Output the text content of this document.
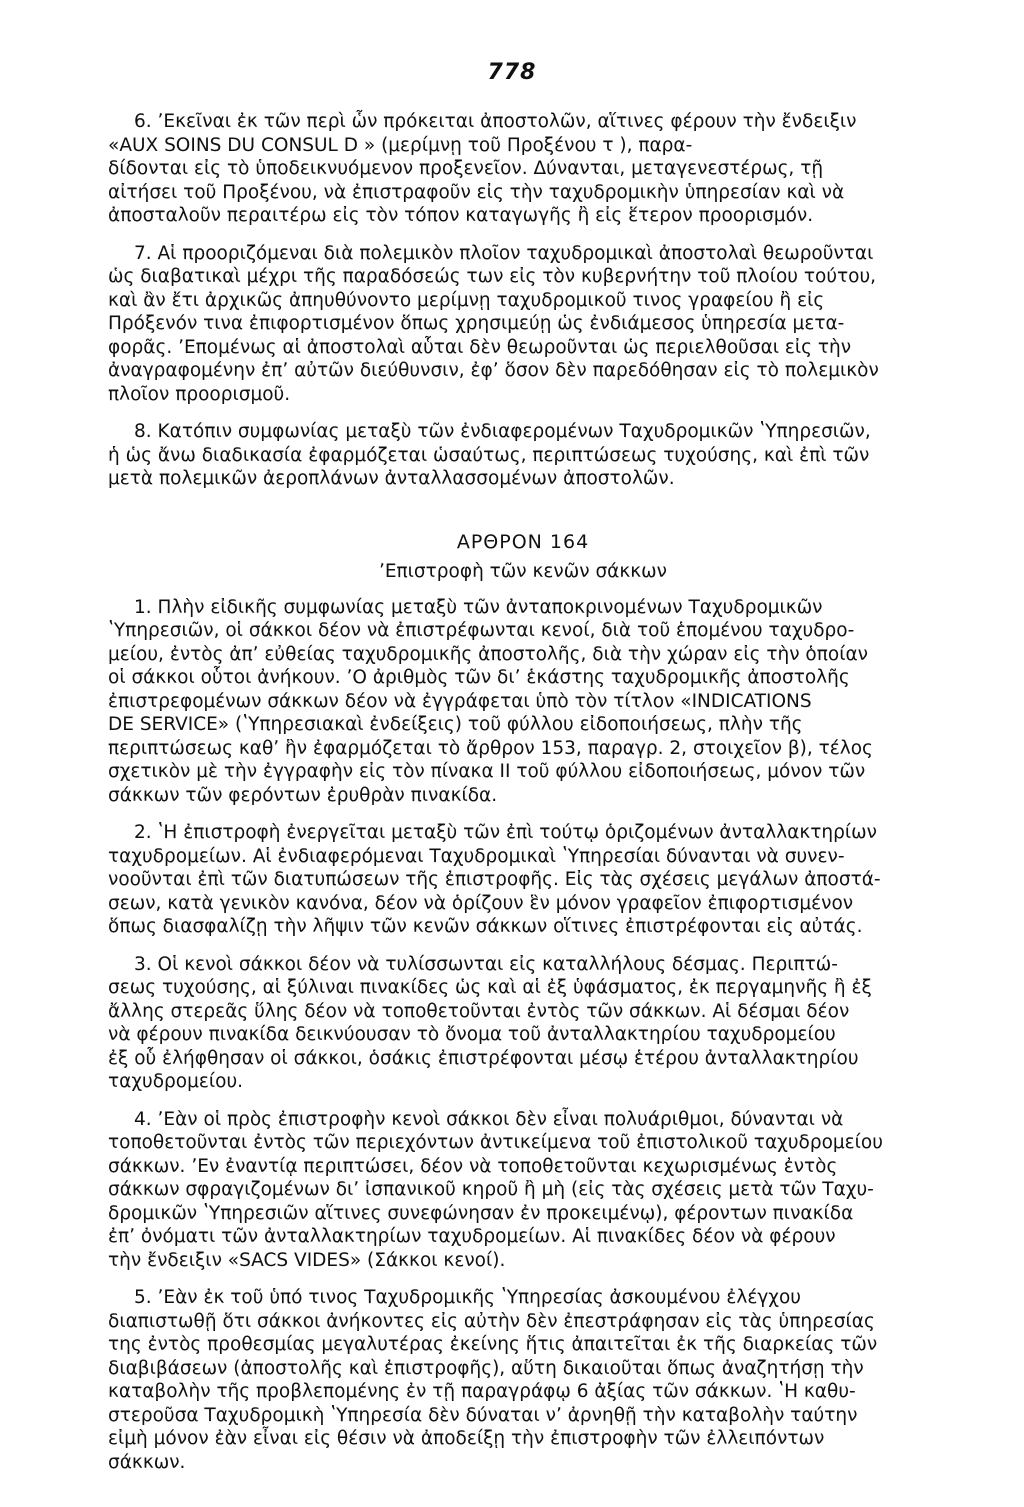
778
6. ʼΕκεῖναι ἐκ τῶν περὶ ὧν πρόκειται ἀποστολῶν, αἵτινες φέρουν τὴν ἔνδειξιν
«AUX SOINS DU CONSUL D » (μερίμνῃ τοῦ Προξένου τ ), παρα-
δίδονται εἰς τὸ ὑποδεικνυόμενον προξενεῖον. Δύνανται, μεταγενεστέρως, τῇ
αἰτήσει τοῦ Προξένου, νὰ ἐπιστραφοῦν εἰς τὴν ταχυδρομικὴν ὑπηρεσίαν καὶ νὰ
ἀποσταλοῦν περαιτέρω εἰς τὸν τόπον καταγωγῆς ἢ εἰς ἕτερον προορισμόν.
7. Αἱ προοριζόμεναι διὰ πολεμικὸν πλοῖον ταχυδρομικαὶ ἀποστολαὶ θεωροῦνται
ὡς διαβατικαὶ μέχρι τῆς παραδόσεώς των εἰς τὸν κυβερνήτην τοῦ πλοίου τούτου,
καὶ ἂν ἔτι ἀρχικῶς ἀπηυθύνοντο μερίμνῃ ταχυδρομικοῦ τινος γραφείου ἢ εἰς
Πρόξενόν τινα ἐπιφορτισμένον ὅπως χρησιμεύῃ ὡς ἐνδιάμεσος ὑπηρεσία μετα-
φορᾶς. ʼΕπομένως αἱ ἀποστολαὶ αὗται δὲν θεωροῦνται ὡς περιελθοῦσαι εἰς τὴν
ἀναγραφομένην ἐπʼ αὐτῶν διεύθυνσιν, ἐφʼ ὅσον δὲν παρεδόθησαν εἰς τὸ πολεμικὸν
πλοῖον προορισμοῦ.
8. Κατόπιν συμφωνίας μεταξὺ τῶν ἐνδιαφερομένων Ταχυδρομικῶν ʽΥπηρεσιῶν,
ἡ ὡς ἄνω διαδικασία ἐφαρμόζεται ὡσαύτως, περιπτώσεως τυχούσης, καὶ ἐπὶ τῶν
μετὰ πολεμικῶν ἀεροπλάνων ἀνταλλασσομένων ἀποστολῶν.
ΑΡΘΡΟΝ 164
ʼΕπιστροφὴ τῶν κενῶν σάκκων
1. Πλὴν εἰδικῆς συμφωνίας μεταξὺ τῶν ἀνταποκρινομένων Ταχυδρομικῶν
ʽΥπηρεσιῶν, οἱ σάκκοι δέον νὰ ἐπιστρέφωνται κενοί, διὰ τοῦ ἑπομένου ταχυδρο-
μείου, ἐντὸς ἀπʼ εὐθείας ταχυδρομικῆς ἀποστολῆς, διὰ τὴν χώραν εἰς τὴν ὁποίαν
οἱ σάκκοι οὗτοι ἀνήκουν. ʼΟ ἀριθμὸς τῶν διʼ ἑκάστης ταχυδρομικῆς ἀποστολῆς
ἐπιστρεφομένων σάκκων δέον νὰ ἐγγράφεται ὑπὸ τὸν τίτλον «INDICATIONS
DE SERVICE» (ʽΥπηρεσιακαὶ ἐνδείξεις) τοῦ φύλλου εἰδοποιήσεως, πλὴν τῆς
περιπτώσεως καθʼ ἣν ἐφαρμόζεται τὸ ἄρθρον 153, παραγρ. 2, στοιχεῖον β), τέλος
σχετικὸν μὲ τὴν ἐγγραφὴν εἰς τὸν πίνακα II τοῦ φύλλου εἰδοποιήσεως, μόνον τῶν
σάκκων τῶν φερόντων ἐρυθρὰν πινακίδα.
2. ʽΗ ἐπιστροφὴ ἐνεργεῖται μεταξὺ τῶν ἐπὶ τούτῳ ὁριζομένων ἀνταλλακτηρίων
ταχυδρομείων. Αἱ ἐνδιαφερόμεναι Ταχυδρομικαὶ ʽΥπηρεσίαι δύνανται νὰ συνεν-
νοοῦνται ἐπὶ τῶν διατυπώσεων τῆς ἐπιστροφῆς. Εἰς τὰς σχέσεις μεγάλων ἀποστά-
σεων, κατὰ γενικὸν κανόνα, δέον νὰ ὁρίζουν ἓν μόνον γραφεῖον ἐπιφορτισμένον
ὅπως διασφαλίζῃ τὴν λῆψιν τῶν κενῶν σάκκων οἵτινες ἐπιστρέφονται εἰς αὐτάς.
3. Οἱ κενοὶ σάκκοι δέον νὰ τυλίσσωνται εἰς καταλλήλους δέσμας. Περιπτώ-
σεως τυχούσης, αἱ ξύλιναι πινακίδες ὡς καὶ αἱ ἐξ ὑφάσματος, ἐκ περγαμηνῆς ἢ ἐξ
ἄλλης στερεᾶς ὕλης δέον νὰ τοποθετοῦνται ἐντὸς τῶν σάκκων. Αἱ δέσμαι δέον
νὰ φέρουν πινακίδα δεικνύουσαν τὸ ὄνομα τοῦ ἀνταλλακτηρίου ταχυδρομείου
ἐξ οὗ ἐλήφθησαν οἱ σάκκοι, ὁσάκις ἐπιστρέφονται μέσῳ ἑτέρου ἀνταλλακτηρίου
ταχυδρομείου.
4. ʼΕὰν οἱ πρὸς ἐπιστροφὴν κενοὶ σάκκοι δὲν εἶναι πολυάριθμοι, δύνανται νὰ
τοποθετοῦνται ἐντὸς τῶν περιεχόντων ἀντικείμενα τοῦ ἐπιστολικοῦ ταχυδρομείου
σάκκων. ʼΕν ἐναντίᾳ περιπτώσει, δέον νὰ τοποθετοῦνται κεχωρισμένως ἐντὸς
σάκκων σφραγιζομένων διʼ ἰσπανικοῦ κηροῦ ἢ μὴ (εἰς τὰς σχέσεις μετὰ τῶν Ταχυ-
δρομικῶν ʽΥπηρεσιῶν αἵτινες συνεφώνησαν ἐν προκειμένῳ), φέροντων πινακίδα
ἐπʼ ὀνόματι τῶν ἀνταλλακτηρίων ταχυδρομείων. Αἱ πινακίδες δέον νὰ φέρουν
τὴν ἔνδειξιν «SACS VIDES» (Σάκκοι κενοί).
5. ʼΕὰν ἐκ τοῦ ὑπό τινος Ταχυδρομικῆς ʽΥπηρεσίας ἀσκουμένου ἐλέγχου
διαπιστωθῇ ὅτι σάκκοι ἀνήκοντες εἰς αὐτὴν δὲν ἐπεστράφησαν εἰς τὰς ὑπηρεσίας
της ἐντὸς προθεσμίας μεγαλυτέρας ἐκείνης ἥτις ἀπαιτεῖται ἐκ τῆς διαρκείας τῶν
διαβιβάσεων (ἀποστολῆς καὶ ἐπιστροφῆς), αὕτη δικαιοῦται ὅπως ἀναζητήσῃ τὴν
καταβολὴν τῆς προβλεπομένης ἐν τῇ παραγράφῳ 6 ἀξίας τῶν σάκκων. ʽΗ καθυ-
στεροῦσα Ταχυδρομικὴ ʽΥπηρεσία δὲν δύναται νʼ ἀρνηθῇ τὴν καταβολὴν ταύτην
εἰμὴ μόνον ἐὰν εἶναι εἰς θέσιν νὰ ἀποδείξῃ τὴν ἐπιστροφὴν τῶν ἐλλειπόντων
σάκκων.
